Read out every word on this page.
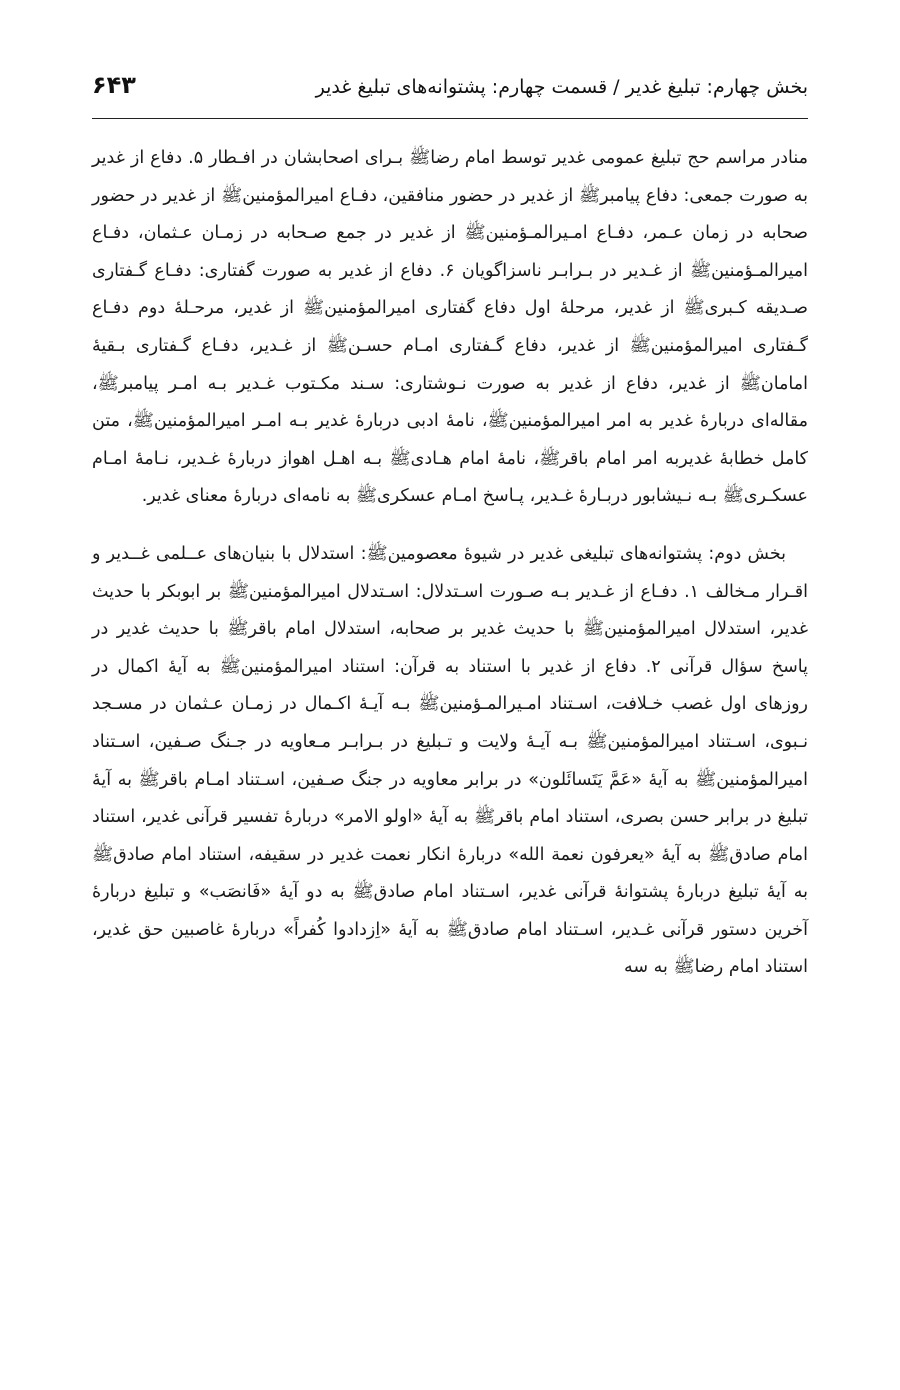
بخش چهارم: تبلیغ غدیر / قسمت چهارم: پشتوانه‌های تبلیغ غدیر
۶۴۳

منادر مراسم حج تبلیغ عمومی غدیر توسط امام رضاﷺ بـرای اصحابشان در افـطار ۵. دفاع از غدیر به صورت جمعی: دفاع پیامبرﷺ از غدیر در حضور منافقین، دفـاع امیرالمؤمنینﷺ از غدیر در حضور صحابه در زمان عـمر، دفـاع امـیرالمـؤمنینﷺ از غدیر در جمع صـحابه در زمـان عـثمان، دفـاع امیرالمـؤمنینﷺ از غـدیر در بـرابـر ناسزاگویان ۶. دفاع از غدیر به صورت گفتاری: دفـاع گـفتاری صـدیقه کـبریﷺ از غدیر، مرحلهٔ اول دفاع گفتاری امیرالمؤمنینﷺ از غدیر، مرحـلهٔ دوم دفـاع گـفتاری امیرالمؤمنینﷺ از غدیر، دفاع گـفتاری امـام حسـنﷺ از غـدیر، دفـاع گـفتاری بـقیهٔ امامانﷺ از غدیر، دفاع از غدیر به صورت نـوشتاری: سـند مکـتوب غـدیر بـه امـر پیامبرﷺ، مقاله‌ای دربارهٔ غدیر به امر امیرالمؤمنینﷺ، نامهٔ ادبی دربارهٔ غدیر بـه امـر امیرالمؤمنینﷺ، متن کامل خطابهٔ غدیربه امر امام باقرﷺ، نامهٔ امام هـادیﷺ بـه اهـل اهواز دربارهٔ غـدیر، نـامهٔ امـام عسکـریﷺ بـه نـیشابور دربـارهٔ غـدیر، پـاسخ امـام عسکریﷺ به نامه‌ای دربارهٔ معنای غدیر.

بخش دوم: پشتوانه‌های تبلیغی غدیر در شیوهٔ معصومینﷺ: استدلال با بنیان‌های عــلمی غــدیر و اقـرار مـخالف ۱. دفـاع از غـدیر بـه صـورت اسـتدلال: اسـتدلال امیرالمؤمنینﷺ بر ابوبکر با حدیث غدیر، استدلال امیرالمؤمنینﷺ با حدیث غدیر بر صحابه، استدلال امام باقرﷺ با حدیث غدیر در پاسخ سؤال قرآنی ۲. دفاع از غدیر با استناد به قرآن: استناد امیرالمؤمنینﷺ به آیهٔ اکمال در روزهای اول غصب خـلافت، اسـتناد امـیرالمـؤمنینﷺ بـه آیـهٔ اکـمال در زمـان عـثمان در مسـجد نـبوی، اسـتناد امیرالمؤمنینﷺ بـه آیـهٔ ولایت و تـبلیغ در بـرابـر مـعاویه در جـنگ صـفین، اسـتناد امیرالمؤمنینﷺ به آیهٔ «عَمَّ یَتَسائَلون» در برابر معاویه در جنگ صـفین، اسـتناد امـام باقرﷺ به آیهٔ تبلیغ در برابر حسن بصری، استناد امام باقرﷺ به آیهٔ «اولو الامر» دربارهٔ تفسیر قرآنی غدیر، استناد امام صادقﷺ به آیهٔ «یعرفون نعمة الله» دربارهٔ انکار نعمت غدیر در سقیفه، استناد امام صادقﷺ به آیهٔ تبلیغ دربارهٔ پشتوانهٔ قرآنی غدیر، اسـتناد امام صادقﷺ به دو آیهٔ «فَانصَب» و تبلیغ دربارهٔ آخرین دستور قرآنی غـدیر، اسـتناد امام صادقﷺ به آیهٔ «اِزدادوا کُفراً» دربارهٔ غاصبین حق غدیر، استناد امام رضاﷺ به سه
